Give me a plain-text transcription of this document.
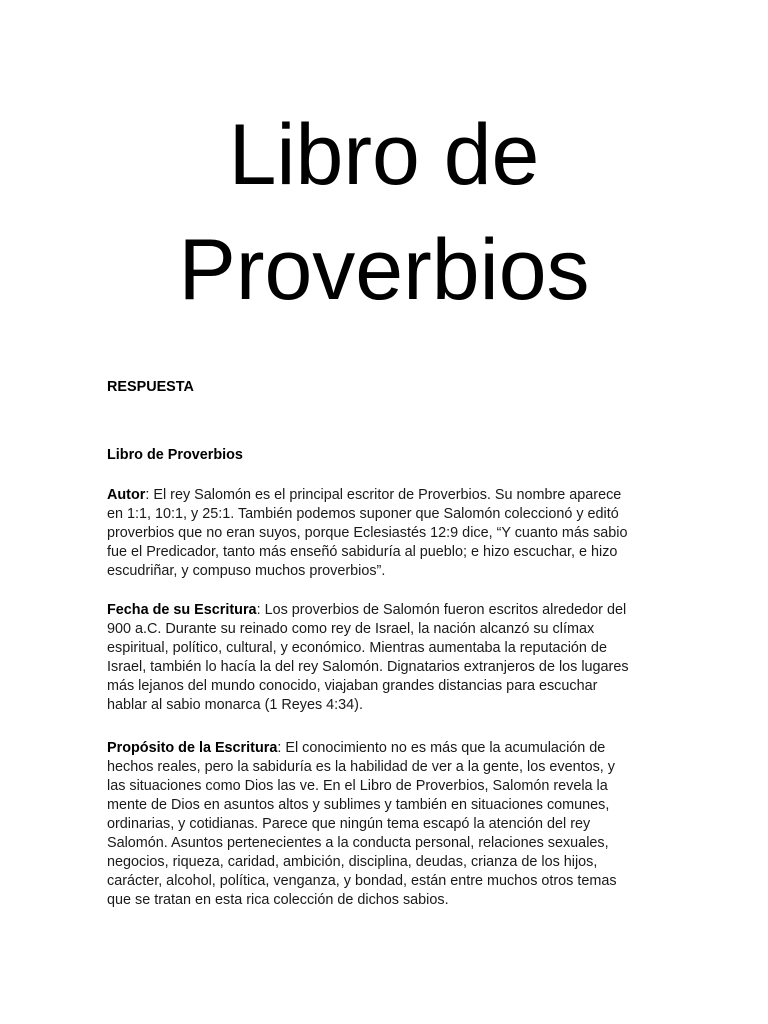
Libro de
Proverbios
RESPUESTA
Libro de Proverbios
Autor: El rey Salomón es el principal escritor de Proverbios. Su nombre aparece
en 1:1, 10:1, y 25:1. También podemos suponer que Salomón coleccionó y editó
proverbios que no eran suyos, porque Eclesiastés 12:9 dice, “Y cuanto más sabio
fue el Predicador, tanto más enseñó sabiduría al pueblo; e hizo escuchar, e hizo
escudriñar, y compuso muchos proverbios”.
Fecha de su Escritura: Los proverbios de Salomón fueron escritos alrededor del
900 a.C. Durante su reinado como rey de Israel, la nación alcanzó su clímax
espiritual, político, cultural, y económico. Mientras aumentaba la reputación de
Israel, también lo hacía la del rey Salomón. Dignatarios extranjeros de los lugares
más lejanos del mundo conocido, viajaban grandes distancias para escuchar
hablar al sabio monarca (1 Reyes 4:34).
Propósito de la Escritura: El conocimiento no es más que la acumulación de
hechos reales, pero la sabiduría es la habilidad de ver a la gente, los eventos, y
las situaciones como Dios las ve. En el Libro de Proverbios, Salomón revela la
mente de Dios en asuntos altos y sublimes y también en situaciones comunes,
ordinarias, y cotidianas. Parece que ningún tema escapó la atención del rey
Salomón. Asuntos pertenecientes a la conducta personal, relaciones sexuales,
negocios, riqueza, caridad, ambición, disciplina, deudas, crianza de los hijos,
carácter, alcohol, política, venganza, y bondad, están entre muchos otros temas
que se tratan en esta rica colección de dichos sabios.
